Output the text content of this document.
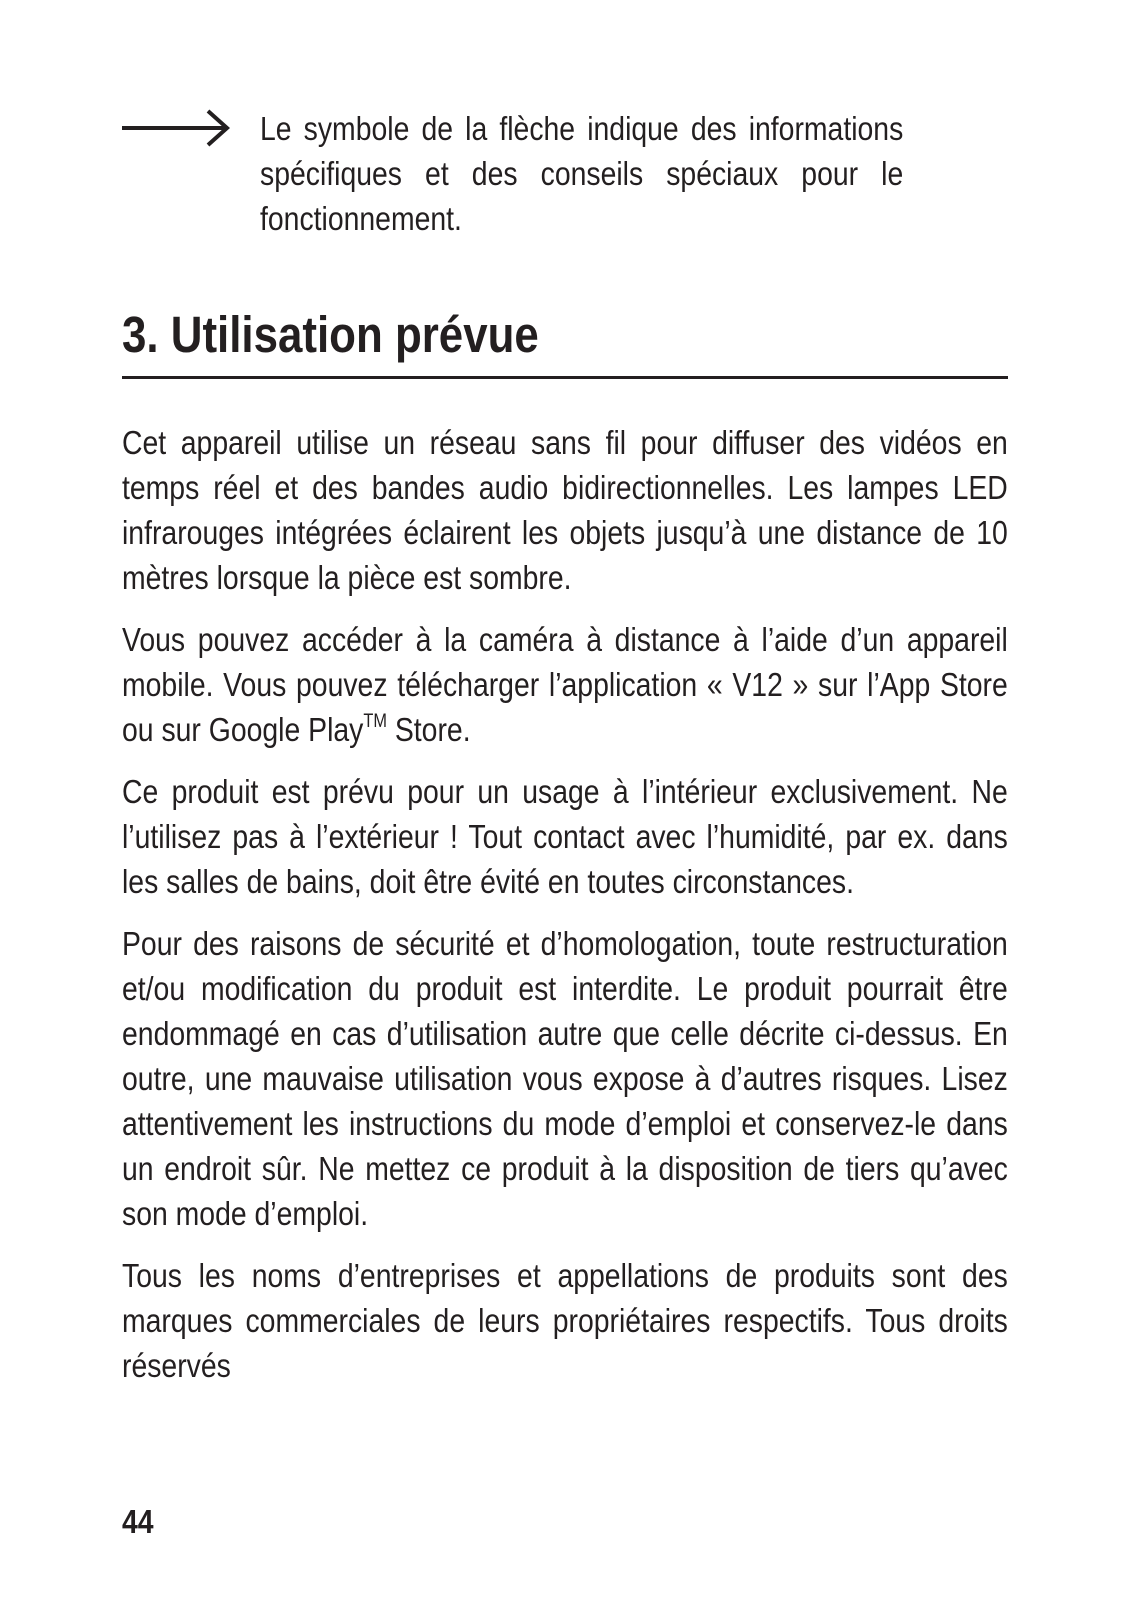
Le symbole de la flèche indique des informations spécifiques et des conseils spéciaux pour le fonctionnement.
3. Utilisation prévue

Cet appareil utilise un réseau sans fil pour diffuser des vidéos en temps réel et des bandes audio bidirectionnelles. Les lampes LED infrarouges intégrées éclairent les objets jusqu’à une distance de 10 mètres lorsque la pièce est sombre.

Vous pouvez accéder à la caméra à distance à l’aide d’un appareil mobile. Vous pouvez télécharger l’application « V12 » sur l’App Store ou sur Google Play™ Store.

Ce produit est prévu pour un usage à l’intérieur exclusivement. Ne l’utilisez pas à l’extérieur ! Tout contact avec l’humidité, par ex. dans les salles de bains, doit être évité en toutes circonstances.

Pour des raisons de sécurité et d’homologation, toute restructuration et/ou modification du produit est interdite. Le produit pourrait être endommagé en cas d’utilisation autre que celle décrite ci-dessus. En outre, une mauvaise utilisation vous expose à d’autres risques. Lisez attentivement les instructions du mode d’emploi et conservez-le dans un endroit sûr. Ne mettez ce produit à la disposition de tiers qu’avec son mode d’emploi.

Tous les noms d’entreprises et appellations de produits sont des marques commerciales de leurs propriétaires respectifs. Tous droits réservés

44
